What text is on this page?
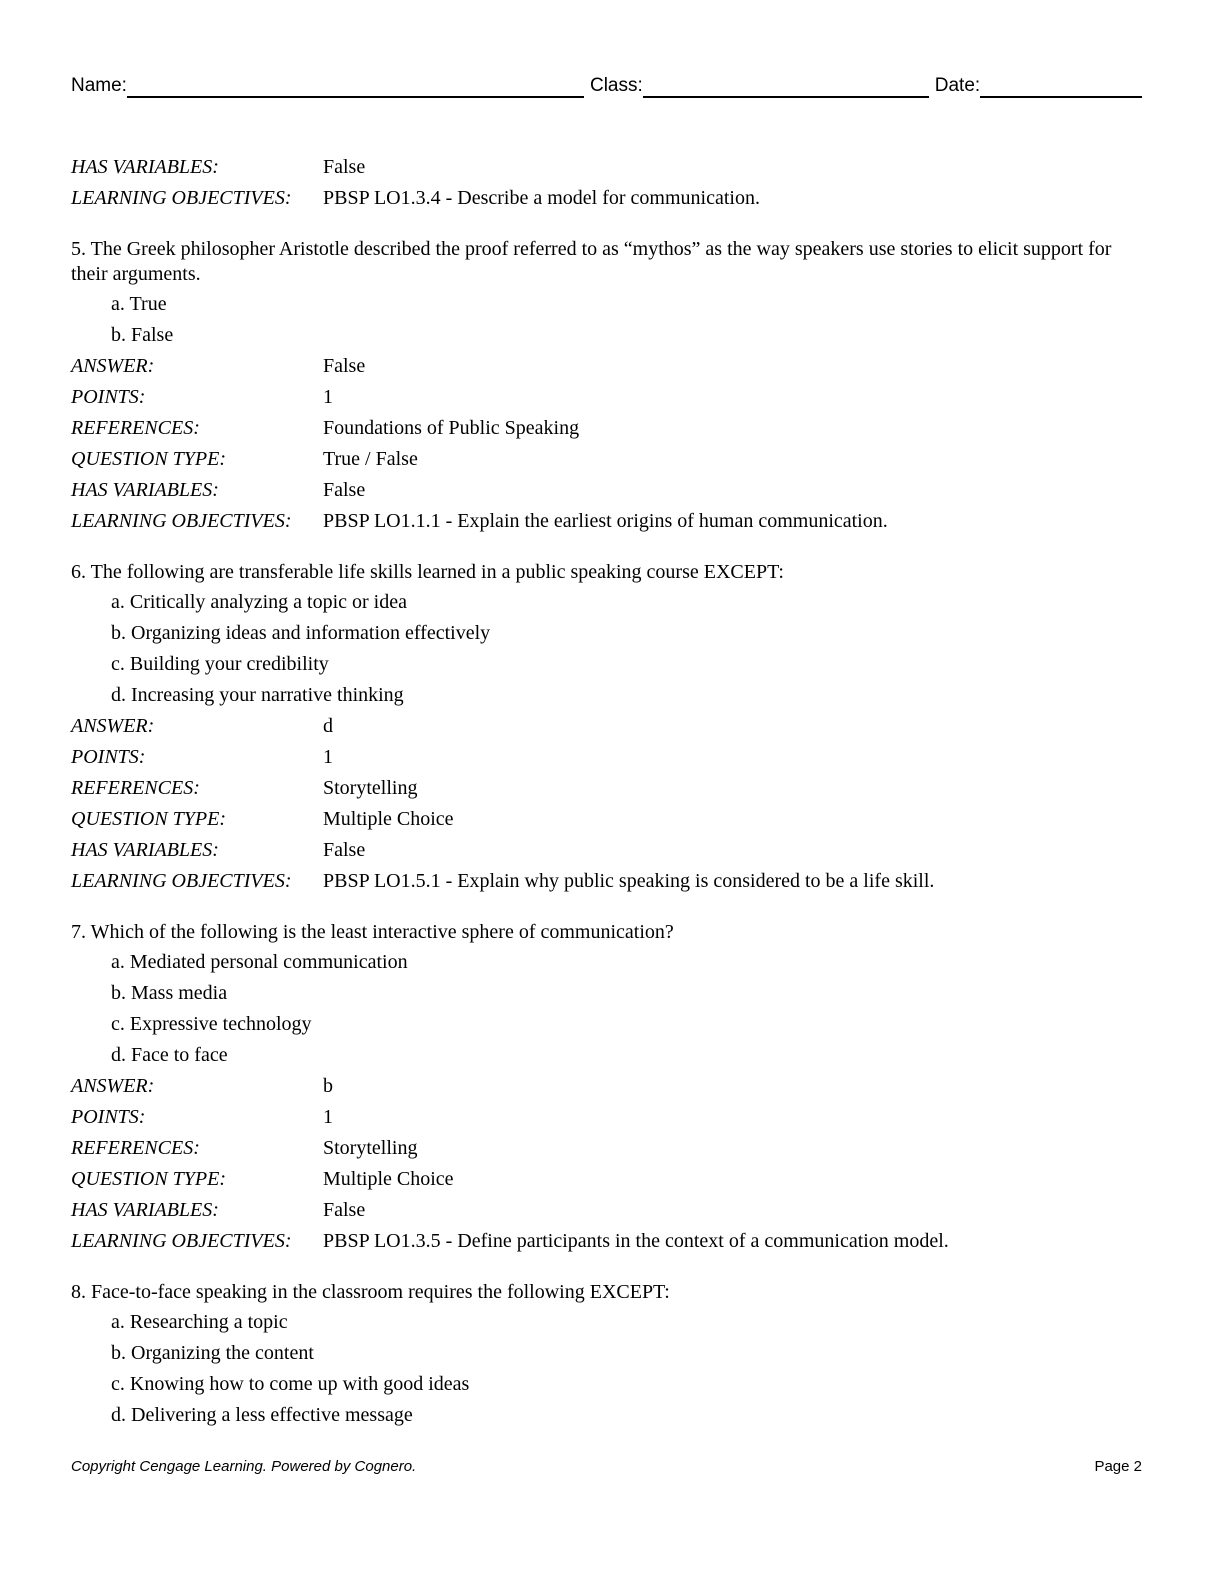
Name:	Class:	Date:
HAS VARIABLES:	False
LEARNING OBJECTIVES:	PBSP LO1.3.4 - Describe a model for communication.
5. The Greek philosopher Aristotle described the proof referred to as “mythos” as the way speakers use stories to elicit support for their arguments.
a. True
b. False
ANSWER:	False
POINTS:	1
REFERENCES:	Foundations of Public Speaking
QUESTION TYPE:	True / False
HAS VARIABLES:	False
LEARNING OBJECTIVES:	PBSP LO1.1.1 - Explain the earliest origins of human communication.
6. The following are transferable life skills learned in a public speaking course EXCEPT:
a. Critically analyzing a topic or idea
b. Organizing ideas and information effectively
c. Building your credibility
d. Increasing your narrative thinking
ANSWER:	d
POINTS:	1
REFERENCES:	Storytelling
QUESTION TYPE:	Multiple Choice
HAS VARIABLES:	False
LEARNING OBJECTIVES:	PBSP LO1.5.1 - Explain why public speaking is considered to be a life skill.
7. Which of the following is the least interactive sphere of communication?
a. Mediated personal communication
b. Mass media
c. Expressive technology
d. Face to face
ANSWER:	b
POINTS:	1
REFERENCES:	Storytelling
QUESTION TYPE:	Multiple Choice
HAS VARIABLES:	False
LEARNING OBJECTIVES:	PBSP LO1.3.5 - Define participants in the context of a communication model.
8. Face-to-face speaking in the classroom requires the following EXCEPT:
a. Researching a topic
b. Organizing the content
c. Knowing how to come up with good ideas
d. Delivering a less effective message
Copyright Cengage Learning. Powered by Cognero.	Page 2
